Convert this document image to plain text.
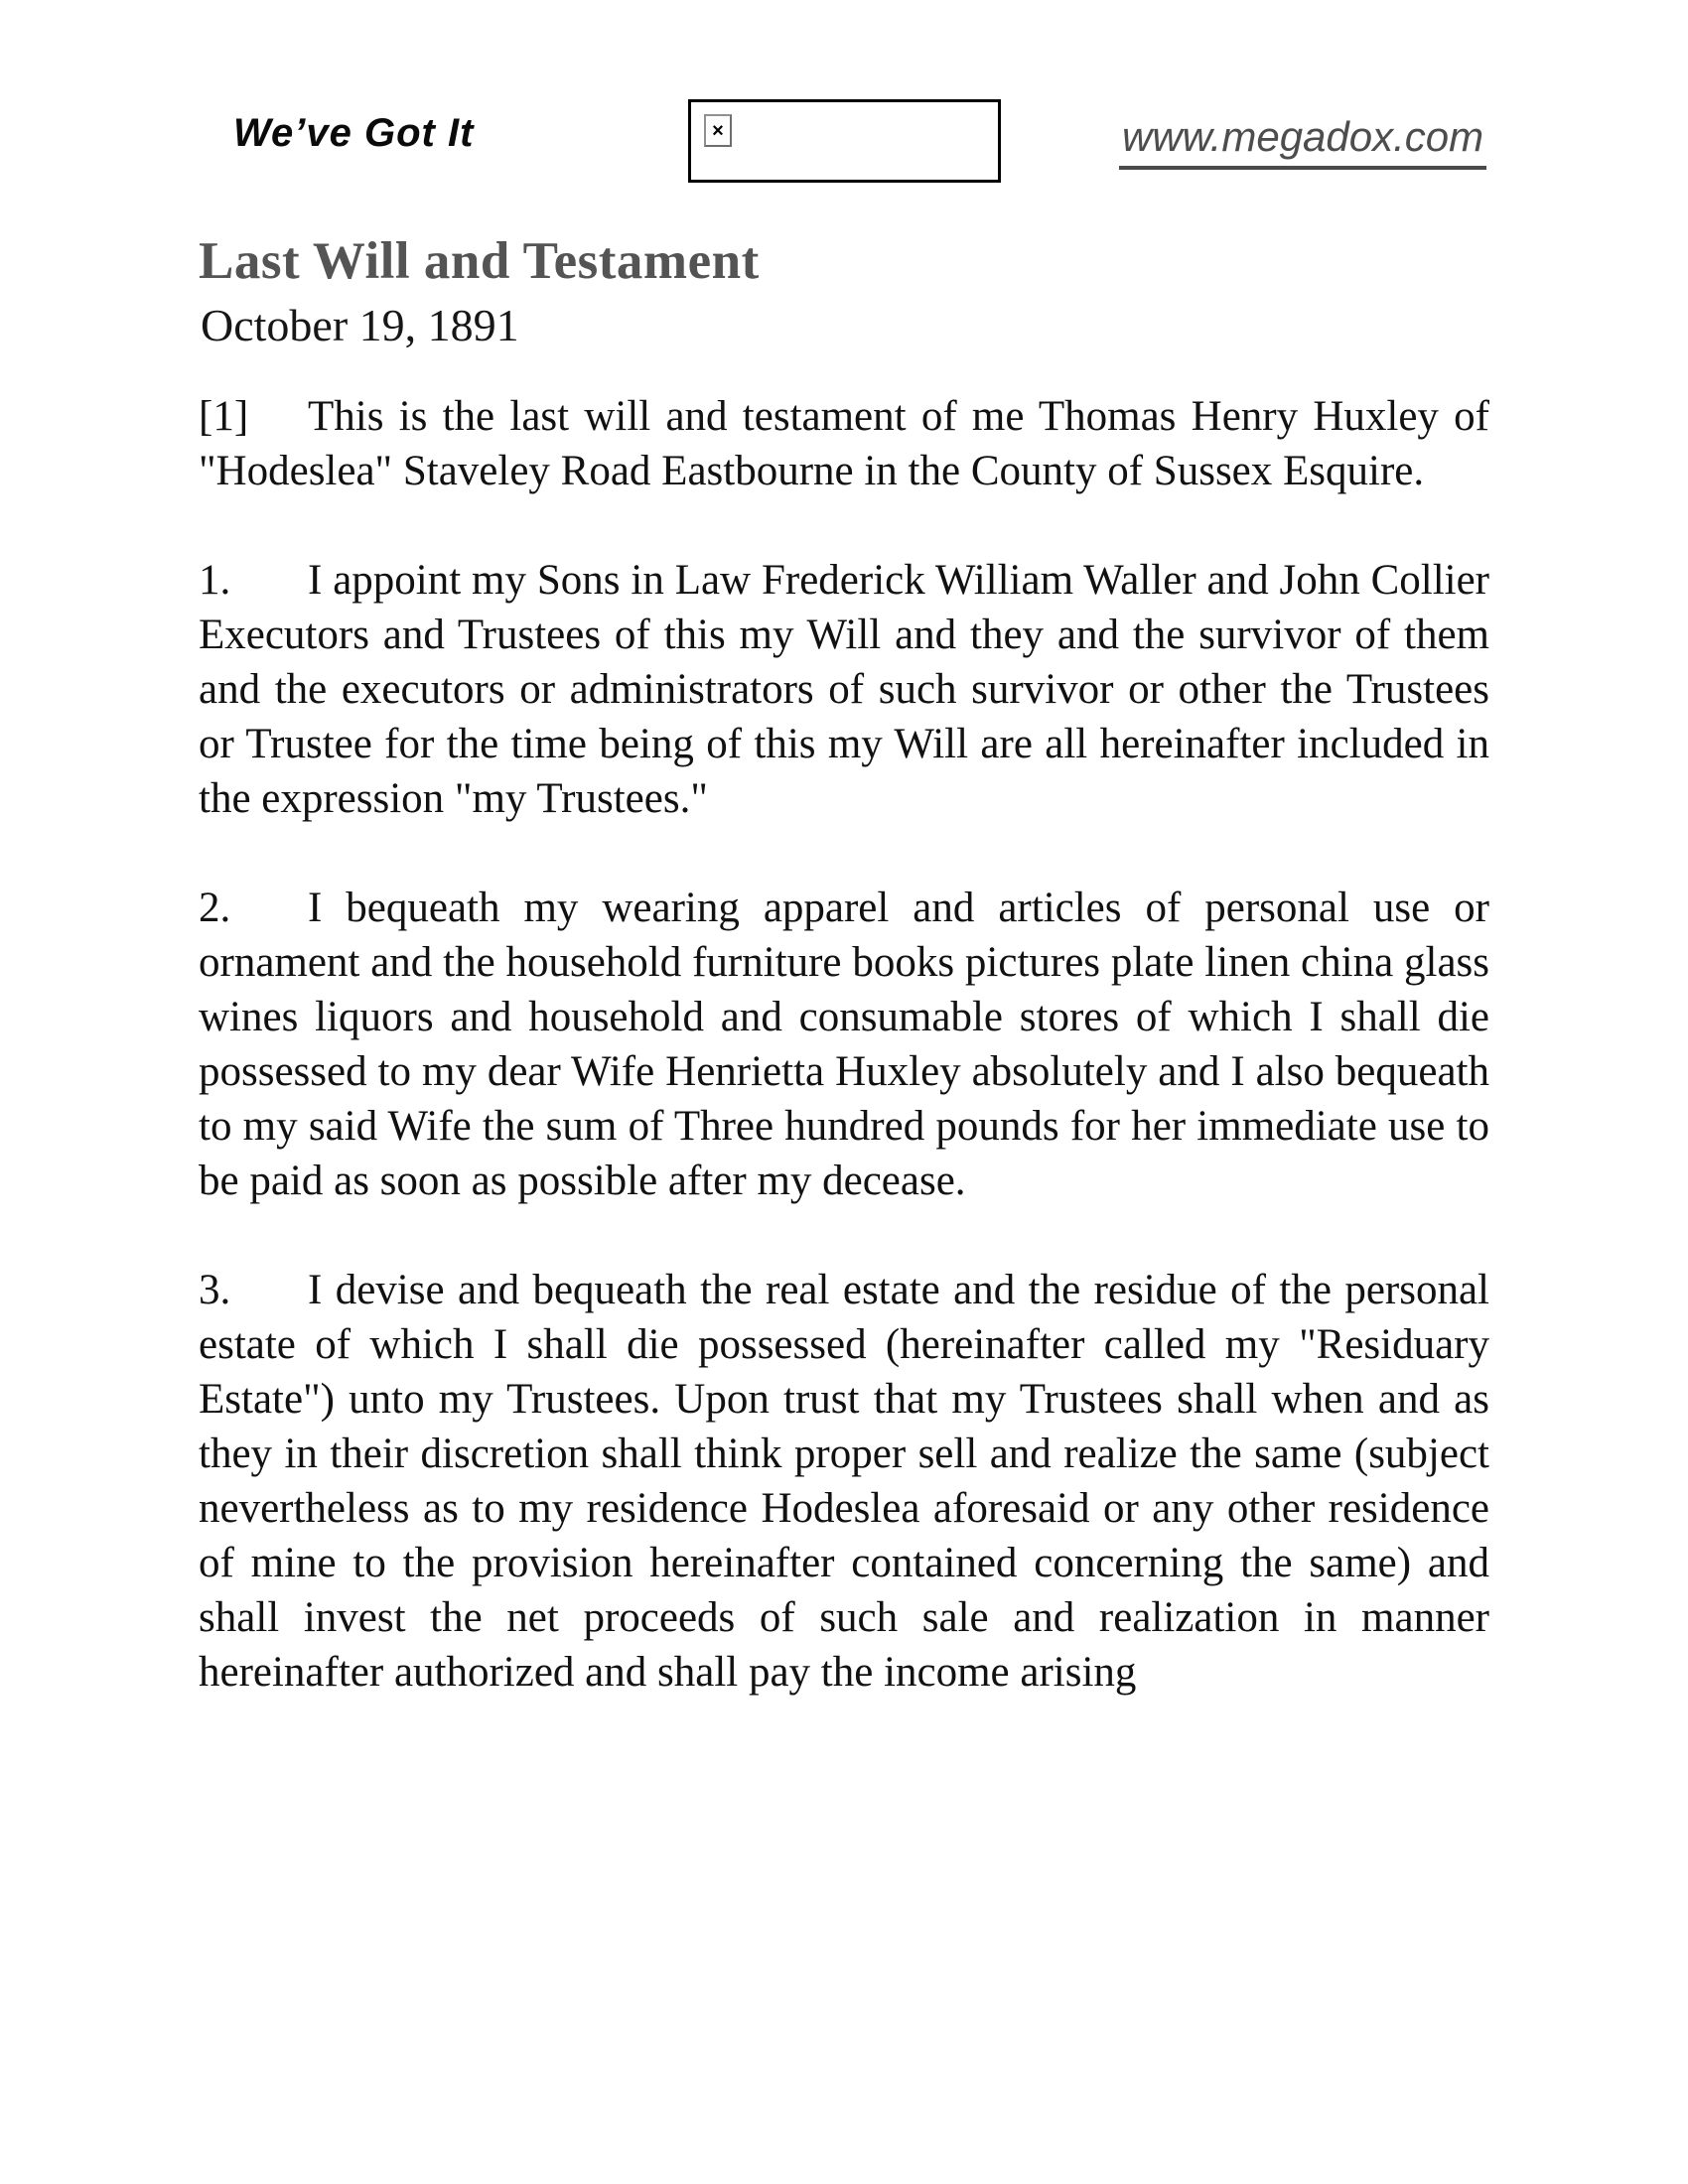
We’ve Got It	×	www.megadox.com
Last Will and Testament
October 19, 1891

[1] This is the last will and testament of me Thomas Henry Huxley of "Hodeslea" Staveley Road Eastbourne in the County of Sussex Esquire.

1. I appoint my Sons in Law Frederick William Waller and John Collier Executors and Trustees of this my Will and they and the survivor of them and the executors or administrators of such survivor or other the Trustees or Trustee for the time being of this my Will are all hereinafter included in the expression "my Trustees."

2. I bequeath my wearing apparel and articles of personal use or ornament and the household furniture books pictures plate linen china glass wines liquors and household and consumable stores of which I shall die possessed to my dear Wife Henrietta Huxley absolutely and I also bequeath to my said Wife the sum of Three hundred pounds for her immediate use to be paid as soon as possible after my decease.

3. I devise and bequeath the real estate and the residue of the personal estate of which I shall die possessed (hereinafter called my "Residuary Estate") unto my Trustees. Upon trust that my Trustees shall when and as they in their discretion shall think proper sell and realize the same (subject nevertheless as to my residence Hodeslea aforesaid or any other residence of mine to the provision hereinafter contained concerning the same) and shall invest the net proceeds of such sale and realization in manner hereinafter authorized and shall pay the income arising
